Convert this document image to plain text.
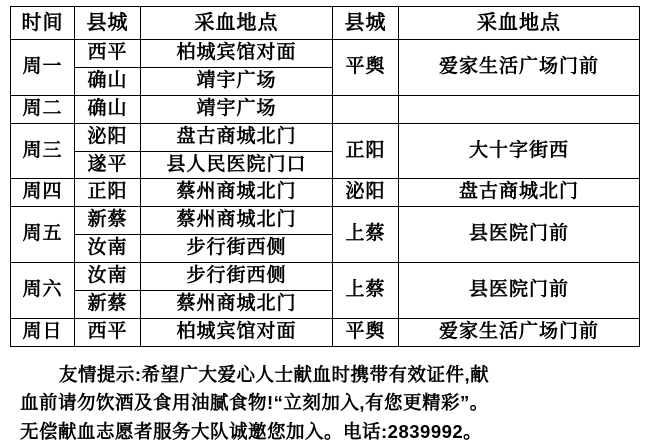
时间	县城	采血地点	县城	采血地点
周一	西平	柏城宾馆对面	平舆	爱家生活广场门前
	确山	靖宇广场		
周二	确山	靖宇广场		
周三	泌阳	盘古商城北门	正阳	大十字街西
	遂平	县人民医院门口		
周四	正阳	蔡州商城北门	泌阳	盘古商城北门
周五	新蔡	蔡州商城北门	上蔡	县医院门前
	汝南	步行街西侧		
周六	汝南	步行街西侧	上蔡	县医院门前
	新蔡	蔡州商城北门		
周日	西平	柏城宾馆对面	平舆	爱家生活广场门前

友情提示:希望广大爱心人士献血时携带有效证件,献

血前请勿饮酒及食用油腻食物!“立刻加入,有您更精彩”。

无偿献血志愿者服务大队诚邀您加入。电话:2839992。
